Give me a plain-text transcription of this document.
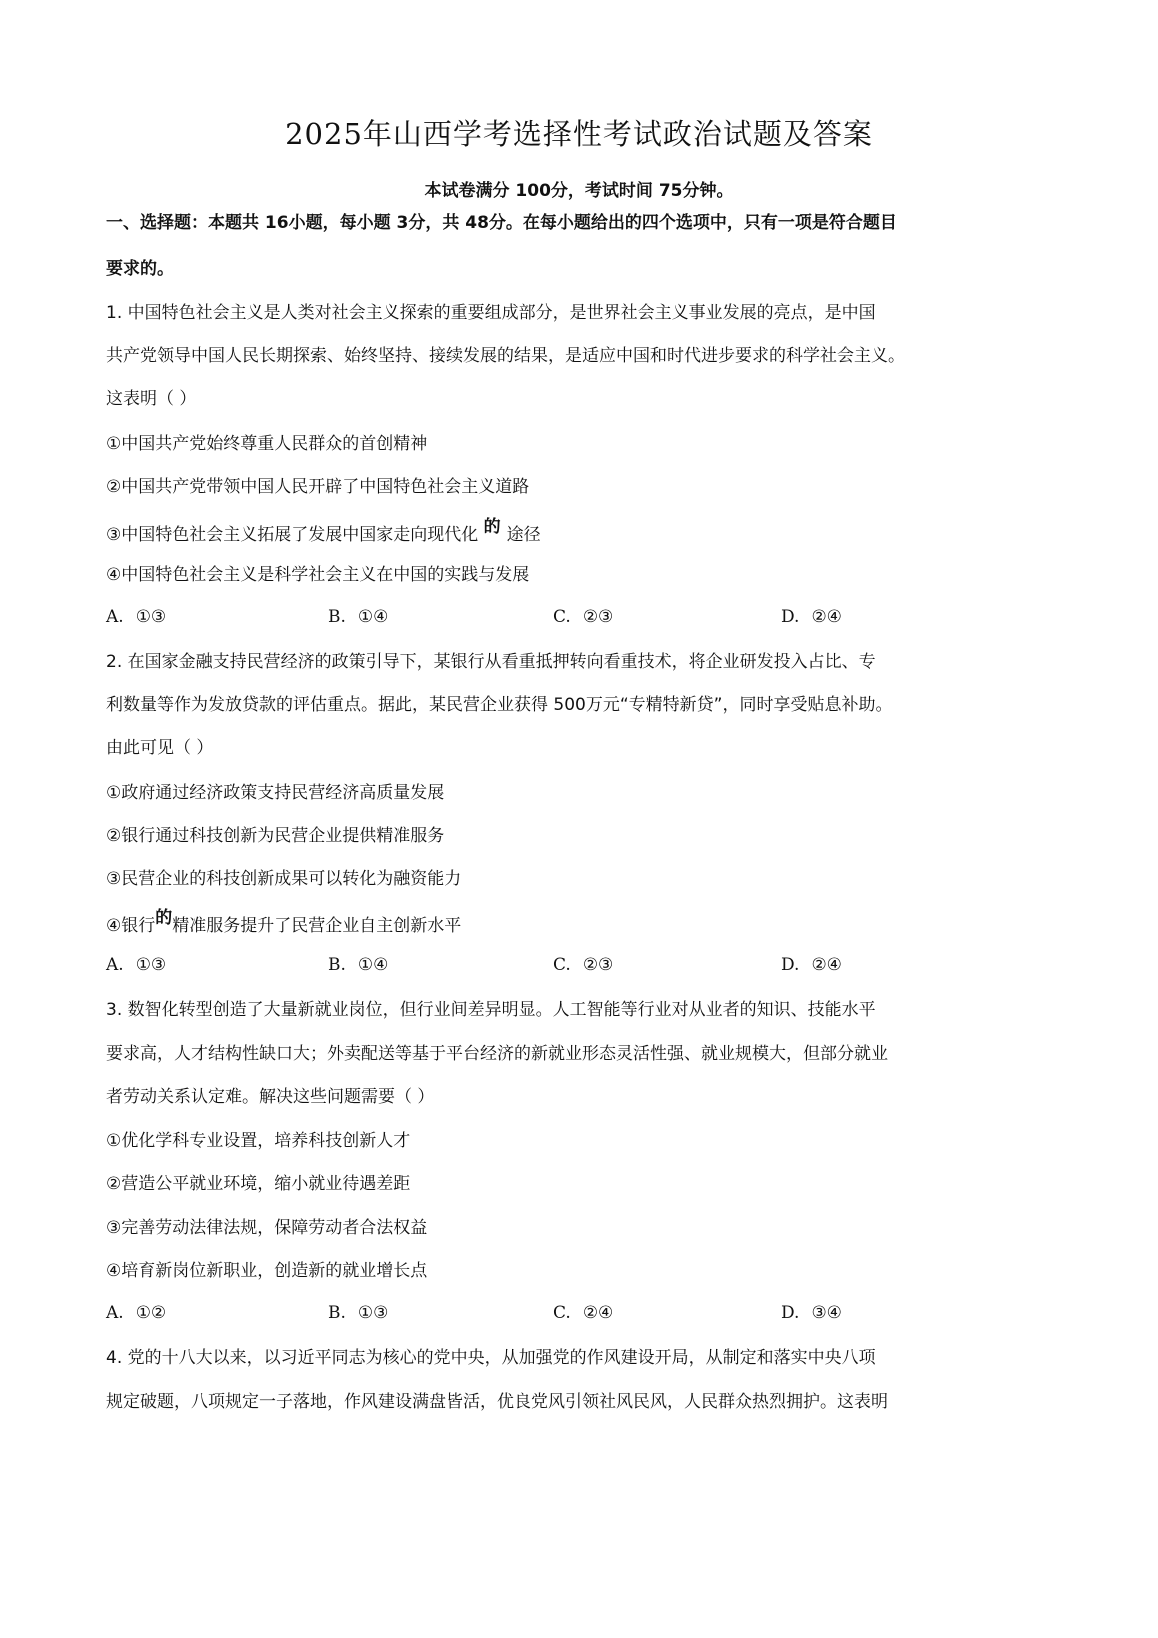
2025年山西学考选择性考试政治试题及答案
本试卷满分 100分，考试时间 75分钟。
一、选择题：本题共 16小题，每小题 3分，共 48分。在每小题给出的四个选项中，只有一项是符合题目
要求的。
1. 中国特色社会主义是人类对社会主义探索的重要组成部分，是世界社会主义事业发展的亮点，是中国
共产党领导中国人民长期探索、始终坚持、接续发展的结果，是适应中国和时代进步要求的科学社会主义。
这表明（ ）
①中国共产党始终尊重人民群众的首创精神
②中国共产党带领中国人民开辟了中国特色社会主义道路
③中国特色社会主义拓展了发展中国家走向现代化 的 途径
④中国特色社会主义是科学社会主义在中国的实践与发展
A. ①③	B. ①④	C. ②③	D. ②④
2. 在国家金融支持民营经济的政策引导下，某银行从看重抵押转向看重技术，将企业研发投入占比、专
利数量等作为发放贷款的评估重点。据此，某民营企业获得 500万元“专精特新贷”，同时享受贴息补助。
由此可见（ ）
①政府通过经济政策支持民营经济高质量发展
②银行通过科技创新为民营企业提供精准服务
③民营企业的科技创新成果可以转化为融资能力
④银行的精准服务提升了民营企业自主创新水平
A. ①③	B. ①④	C. ②③	D. ②④
3. 数智化转型创造了大量新就业岗位，但行业间差异明显。人工智能等行业对从业者的知识、技能水平
要求高，人才结构性缺口大；外卖配送等基于平台经济的新就业形态灵活性强、就业规模大，但部分就业
者劳动关系认定难。解决这些问题需要（ ）
①优化学科专业设置，培养科技创新人才
②营造公平就业环境，缩小就业待遇差距
③完善劳动法律法规，保障劳动者合法权益
④培育新岗位新职业，创造新的就业增长点
A. ①②	B. ①③	C. ②④	D. ③④
4. 党的十八大以来，以习近平同志为核心的党中央，从加强党的作风建设开局，从制定和落实中央八项
规定破题，八项规定一子落地，作风建设满盘皆活，优良党风引领社风民风，人民群众热烈拥护。这表明
